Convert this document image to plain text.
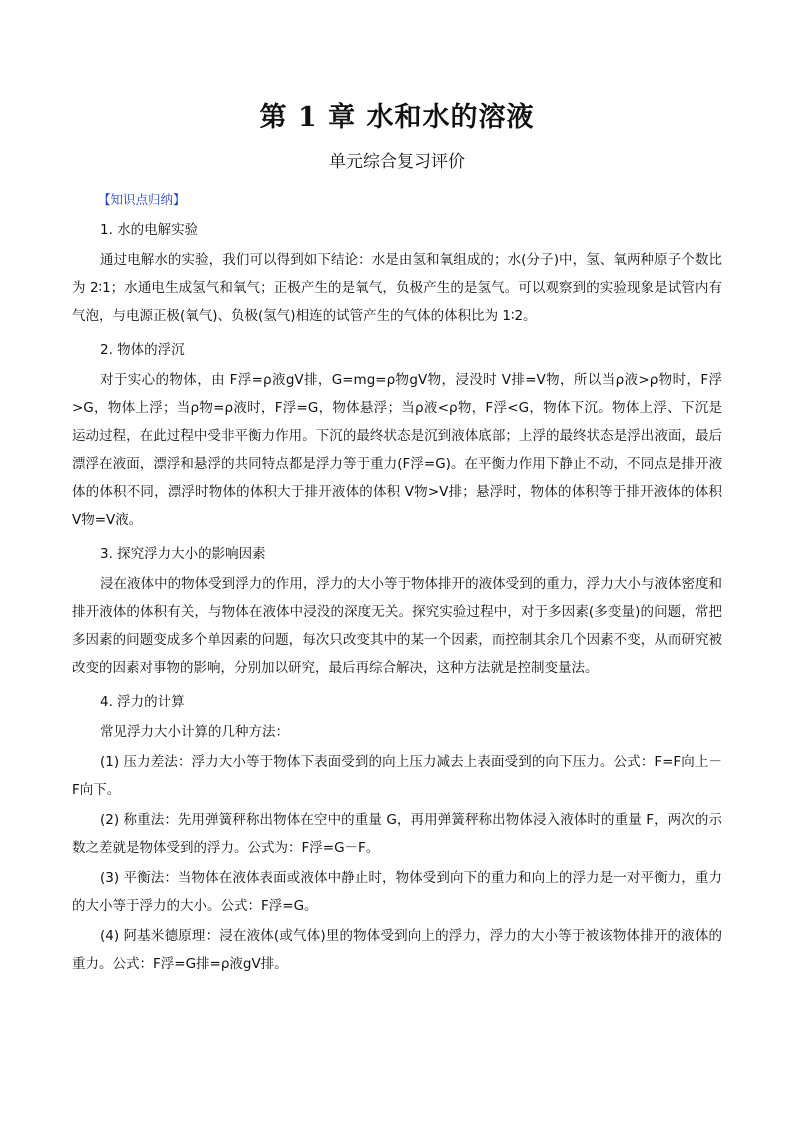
第 1 章 水和水的溶液
单元综合复习评价
【知识点归纳】
1. 水的电解实验
通过电解水的实验，我们可以得到如下结论：水是由氢和氧组成的；水(分子)中，氢、氧两种原子个数比为 2∶1；水通电生成氢气和氧气；正极产生的是氧气，负极产生的是氢气。可以观察到的实验现象是试管内有气泡，与电源正极(氧气)、负极(氢气)相连的试管产生的气体的体积比为 1∶2。
2. 物体的浮沉
对于实心的物体，由 F浮=ρ液gV排，G=mg=ρ物gV物，浸没时 V排=V物，所以当ρ液>ρ物时，F浮>G，物体上浮；当ρ物=ρ液时，F浮=G，物体悬浮；当ρ液<ρ物，F浮<G，物体下沉。物体上浮、下沉是运动过程，在此过程中受非平衡力作用。下沉的最终状态是沉到液体底部；上浮的最终状态是浮出液面，最后漂浮在液面，漂浮和悬浮的共同特点都是浮力等于重力(F浮=G)。在平衡力作用下静止不动，不同点是排开液体的体积不同，漂浮时物体的体积大于排开液体的体积 V物>V排；悬浮时，物体的体积等于排开液体的体积 V物=V液。
3. 探究浮力大小的影响因素
浸在液体中的物体受到浮力的作用，浮力的大小等于物体排开的液体受到的重力，浮力大小与液体密度和排开液体的体积有关，与物体在液体中浸没的深度无关。探究实验过程中，对于多因素(多变量)的问题，常把多因素的问题变成多个单因素的问题，每次只改变其中的某一个因素，而控制其余几个因素不变，从而研究被改变的因素对事物的影响，分别加以研究，最后再综合解决，这种方法就是控制变量法。
4. 浮力的计算
常见浮力大小计算的几种方法：
(1) 压力差法：浮力大小等于物体下表面受到的向上压力减去上表面受到的向下压力。公式：F=F向上－F向下。
(2) 称重法：先用弹簧秤称出物体在空中的重量 G，再用弹簧秤称出物体浸入液体时的重量 F，两次的示数之差就是物体受到的浮力。公式为：F浮=G－F。
(3) 平衡法：当物体在液体表面或液体中静止时，物体受到向下的重力和向上的浮力是一对平衡力，重力的大小等于浮力的大小。公式：F浮=G。
(4) 阿基米德原理：浸在液体(或气体)里的物体受到向上的浮力，浮力的大小等于被该物体排开的液体的重力。公式：F浮=G排=ρ液gV排。
